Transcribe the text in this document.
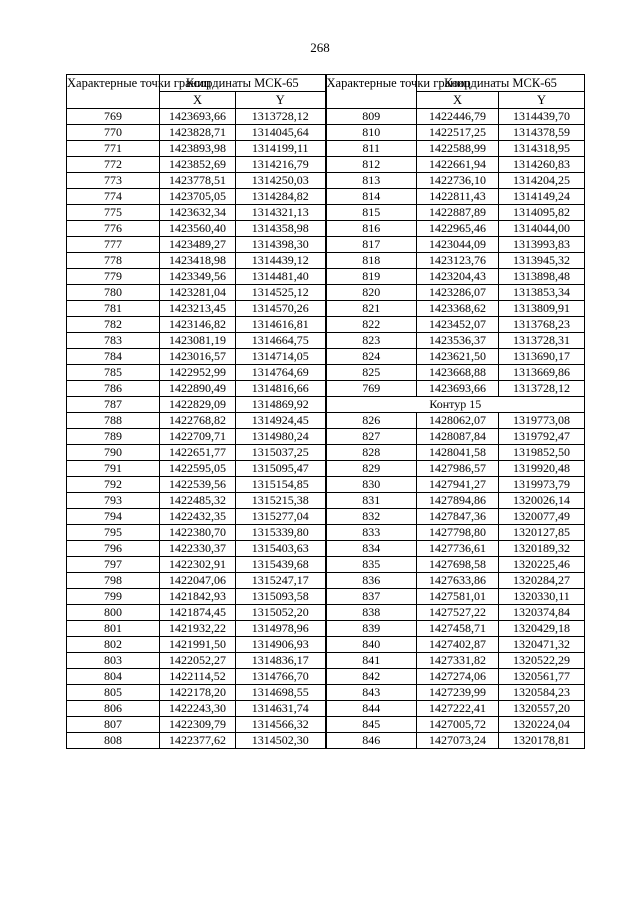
268
Характерные точки границ	Координаты МСК-65		Характерные точки границ	Координаты МСК-65	
	X	Y		X	Y
769	1423693,66	1313728,12	809	1422446,79	1314439,70
770	1423828,71	1314045,64	810	1422517,25	1314378,59
771	1423893,98	1314199,11	811	1422588,99	1314318,95
772	1423852,69	1314216,79	812	1422661,94	1314260,83
773	1423778,51	1314250,03	813	1422736,10	1314204,25
774	1423705,05	1314284,82	814	1422811,43	1314149,24
775	1423632,34	1314321,13	815	1422887,89	1314095,82
776	1423560,40	1314358,98	816	1422965,46	1314044,00
777	1423489,27	1314398,30	817	1423044,09	1313993,83
778	1423418,98	1314439,12	818	1423123,76	1313945,32
779	1423349,56	1314481,40	819	1423204,43	1313898,48
780	1423281,04	1314525,12	820	1423286,07	1313853,34
781	1423213,45	1314570,26	821	1423368,62	1313809,91
782	1423146,82	1314616,81	822	1423452,07	1313768,23
783	1423081,19	1314664,75	823	1423536,37	1313728,31
784	1423016,57	1314714,05	824	1423621,50	1313690,17
785	1422952,99	1314764,69	825	1423668,88	1313669,86
786	1422890,49	1314816,66	769	1423693,66	1313728,12
787	1422829,09	1314869,92	Контур 15		
788	1422768,82	1314924,45	826	1428062,07	1319773,08
789	1422709,71	1314980,24	827	1428087,84	1319792,47
790	1422651,77	1315037,25	828	1428041,58	1319852,50
791	1422595,05	1315095,47	829	1427986,57	1319920,48
792	1422539,56	1315154,85	830	1427941,27	1319973,79
793	1422485,32	1315215,38	831	1427894,86	1320026,14
794	1422432,35	1315277,04	832	1427847,36	1320077,49
795	1422380,70	1315339,80	833	1427798,80	1320127,85
796	1422330,37	1315403,63	834	1427736,61	1320189,32
797	1422302,91	1315439,68	835	1427698,58	1320225,46
798	1422047,06	1315247,17	836	1427633,86	1320284,27
799	1421842,93	1315093,58	837	1427581,01	1320330,11
800	1421874,45	1315052,20	838	1427527,22	1320374,84
801	1421932,22	1314978,96	839	1427458,71	1320429,18
802	1421991,50	1314906,93	840	1427402,87	1320471,32
803	1422052,27	1314836,17	841	1427331,82	1320522,29
804	1422114,52	1314766,70	842	1427274,06	1320561,77
805	1422178,20	1314698,55	843	1427239,99	1320584,23
806	1422243,30	1314631,74	844	1427222,41	1320557,20
807	1422309,79	1314566,32	845	1427005,72	1320224,04
808	1422377,62	1314502,30	846	1427073,24	1320178,81
